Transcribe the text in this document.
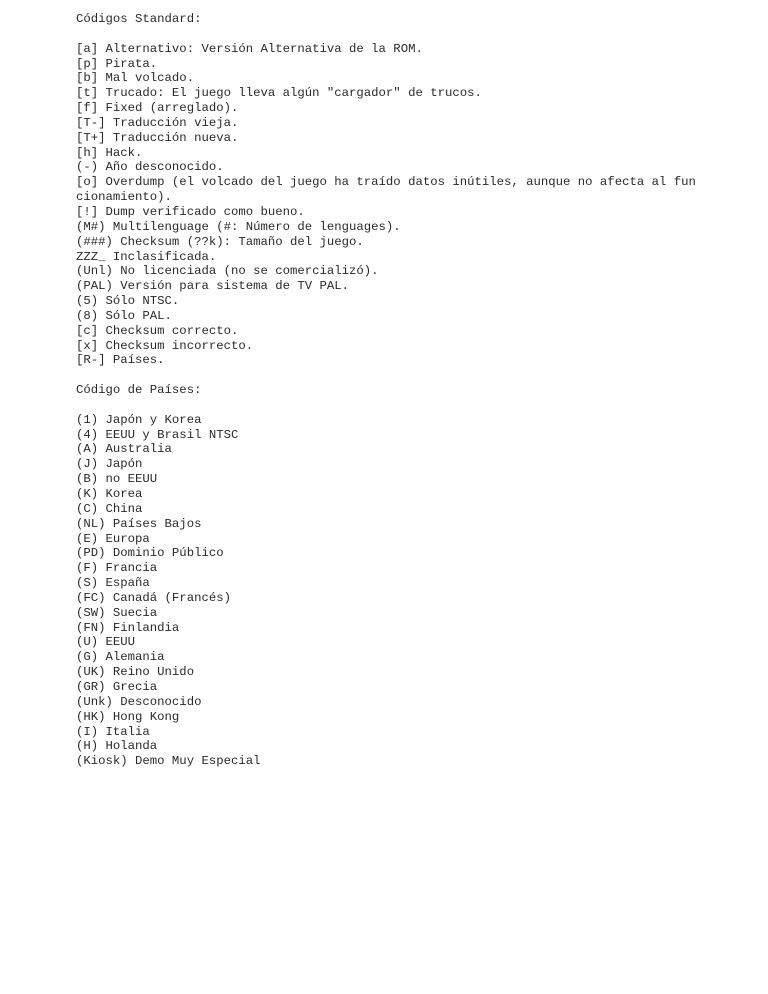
Códigos Standard:
[a] Alternativo: Versión Alternativa de la ROM.
[p] Pirata.
[b] Mal volcado.
[t] Trucado: El juego lleva algún "cargador" de trucos.
[f] Fixed (arreglado).
[T-] Traducción vieja.
[T+] Traducción nueva.
[h] Hack.
(-) Año desconocido.
[o] Overdump (el volcado del juego ha traído datos inútiles, aunque no afecta al fun
cionamiento).
[!] Dump verificado como bueno.
(M#) Multilenguage (#: Número de lenguages).
(###) Checksum (??k): Tamaño del juego.
ZZZ_ Inclasificada.
(Unl) No licenciada (no se comercializó).
(PAL) Versión para sistema de TV PAL.
(5) Sólo NTSC.
(8) Sólo PAL.
[c] Checksum correcto.
[x] Checksum incorrecto.
[R-] Países.
Código de Países:
(1) Japón y Korea
(4) EEUU y Brasil NTSC
(A) Australia
(J) Japón
(B) no EEUU
(K) Korea
(C) China
(NL) Países Bajos
(E) Europa
(PD) Dominio Público
(F) Francia
(S) España
(FC) Canadá (Francés)
(SW) Suecia
(FN) Finlandia
(U) EEUU
(G) Alemania
(UK) Reino Unido
(GR) Grecia
(Unk) Desconocido
(HK) Hong Kong
(I) Italia
(H) Holanda
(Kiosk) Demo Muy Especial
